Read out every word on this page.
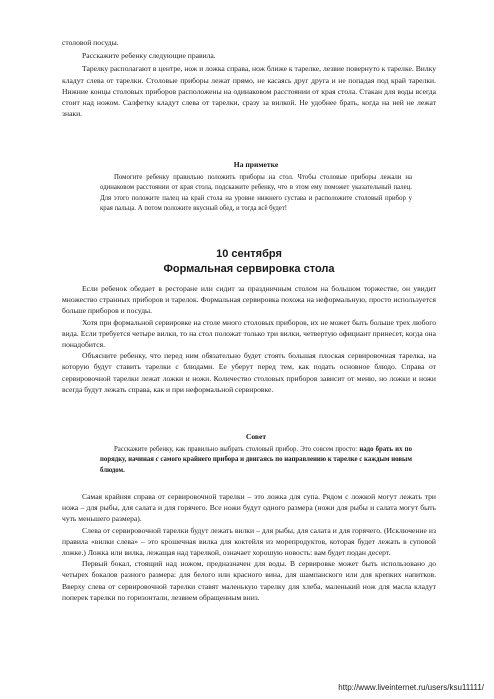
столовой посуды.

Расскажите ребенку следующие правила.

Тарелку располагают в центре, нож и ложка справа, нож ближе к тарелке, лезвие повернуто к тарелке. Вилку кладут слева от тарелки. Столовые приборы лежат прямо, не касаясь друг друга и не попадая под край тарелки. Нижние концы столовых приборов расположены на одинаковом расстоянии от края стола. Стакан для воды всегда стоит над ножом. Салфетку кладут слева от тарелки, сразу за вилкой. Не удобнее брать, когда на ней не лежат знаки.

На приметке

Помогите ребенку правильно положить приборы на стол. Чтобы столовые приборы лежали на одинаковом расстоянии от края стола, подскажите ребенку, что в этом ему поможет указательный палец. Для этого положите палец на край стола на уровне нижнего сустава и расположите столовый прибор у края пальца. А потом положите вкусный обед, и тогда всё будет!

10 сентября
Формальная сервировка стола

Если ребенок обедает в ресторане или сидит за праздничным столом на большом торжестве, он увидит множество странных приборов и тарелок. Формальная сервировка похожа на неформальную, просто используется больше приборов и посуды.

Хотя при формальной сервировке на столе много столовых приборов, их не может быть больше трех любого вида. Если требуется четыре вилки, то на стол положат только три вилки, четвертую официант принесет, когда она понадобится.

Объясните ребенку, что перед ним обязательно будет стоять большая плоская сервировочная тарелка, на которую будут ставить тарелки с блюдами. Ее уберут перед тем, как подать основное блюдо. Справа от сервировочной тарелки лежат ложки и ножи. Количество столовых приборов зависит от меню, но ложки и ножи всегда будут лежать справа, как и при неформальной сервировке.

Совет

Расскажите ребенку, как правильно выбрать столовый прибор. Это совсем просто: надо брать их по порядку, начиная с самого крайнего прибора и двигаясь по направлению к тарелке с каждым новым блюдом.

Самая крайняя справа от сервировочной тарелки – это ложка для супа. Рядом с ложкой могут лежать три ножа – для рыбы, для салата и для горячего. Все ножи будут одного размера (ножи для рыбы и салата могут быть чуть меньшего размера).

Слева от сервировочной тарелки будут лежать вилки – для рыбы, для салата и для горячего. (Исключение из правила «вилки слева» – это крошечная вилка для коктейля из морепродуктов, которая будет лежать в суповой ложке.) Ложка или вилка, лежащая над тарелкой, означает хорошую новость: вам будет подан десерт.

Первый бокал, стоящий над ножом, предназначен для воды. В сервировке может быть использовано до четырех бокалов разного размера: для белого или красного вина, для шампанского или для крепких напитков. Вверху слева от сервировочной тарелки ставят маленькую тарелку для хлеба, маленький нож для масла кладут поперек тарелки по горизонтали, лезвием обращенным вниз.

http://www.liveinternet.ru/users/ksu11111/
